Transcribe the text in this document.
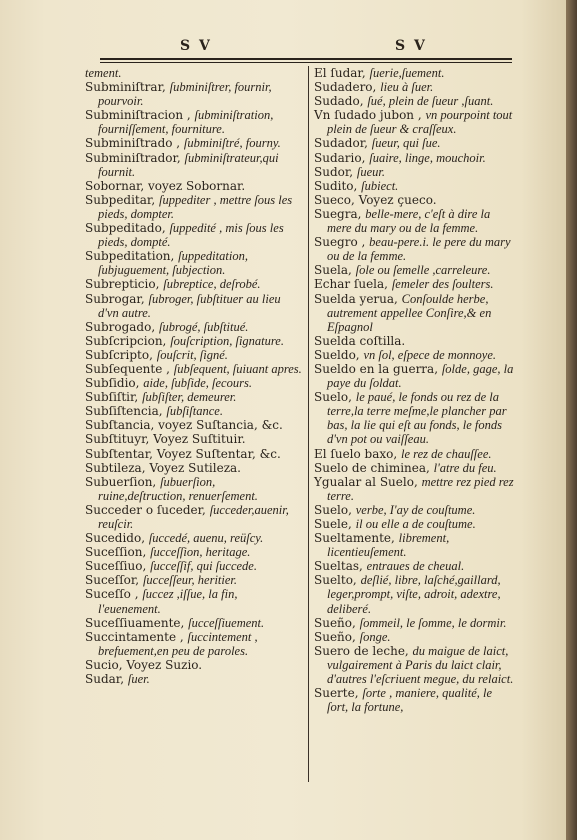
S V	S V
tement.
Subminiſtrar, ſubminiſtrer, fournir, pourvoir.
Subminiſtracion , ſubminiſtration, fourniſſement, fourniture.
Subminiſtrado , ſubminiſtré, fourny.
Subminiſtrador, ſubminiſtrateur,qui fournit.
Sobornar, voyez Sobornar.
Subpeditar, ſuppediter , mettre ſous les pieds, dompter.
Subpeditado, ſuppedité , mis ſous les pieds, dompté.
Subpeditation, ſuppeditation, ſubjuguement, ſubjection.
Subrepticio, ſubreptice, deſrobé.
Subrogar, ſubroger, ſubſtituer au lieu d'vn autre.
Subrogado, ſubrogé, ſubſtitué.
Subſcripcion, ſouſcription, ſignature.
Subſcripto, ſouſcrit, ſigné.
Subſequente , ſubſequent, ſuiuant apres.
Subſidio, aide, ſubſide, ſecours.
Subſiſtir, ſubſiſter, demeurer.
Subſiſtencia, ſubſiſtance.
Subſtancia, voyez Suſtancia, &c.
Subſtituyr, Voyez Suſtituir.
Subſtentar, Voyez Suſtentar, &c.
Subtileza, Voyez Sutileza.
Subuerſion, ſubuerſion, ruine,deſtruction, renuerſement.
Succeder o ſuceder, ſucceder,auenir, reuſcir.
Sucedido, ſuccedé, auenu, reüſcy.
Suceſſion, ſucceſſion, heritage.
Suceſſiuo, ſucceſſif, qui ſuccede.
Suceſſor, ſucceſſeur, heritier.
Suceſſo , ſuccez ,iſſue, la fin, l'euenement.
Suceſſiuamente, ſucceſſiuement.
Succintamente , ſuccintement , brefuement,en peu de paroles.
Sucio, Voyez Suzio.
Sudar, ſuer.
El ſudar, ſuerie,ſuement.
Sudadero, lieu à ſuer.
Sudado, ſué, plein de ſueur ,ſuant.
Vn ſudado jubon , vn pourpoint tout plein de ſueur & craſſeux.
Sudador, ſueur, qui ſue.
Sudario, ſuaire, linge, mouchoir.
Sudor, ſueur.
Sudito, ſubiect.
Sueco, Voyez çueco.
Suegra, belle-mere, c'eſt à dire la mere du mary ou de la femme.
Suegro , beau-pere.i. le pere du mary ou de la femme.
Suela, ſole ou ſemelle ,carreleure.
Echar ſuela, ſemeler des ſoulters.
Suelda yerua, Conſoulde herbe, autrement appellee Conſire,& en Eſpagnol
Suelda coſtilla.
Sueldo, vn ſol, eſpece de monnoye.
Sueldo en la guerra, ſolde, gage, la paye du ſoldat.
Suelo, le paué, le fonds ou rez de la terre,la terre meſme,le plancher par bas, la lie qui eſt au fonds, le fonds d'vn pot ou vaiſſeau.
El ſuelo baxo, le rez de chauſſee.
Suelo de chiminea, l'atre du feu.
Ygualar al Suelo, mettre rez pied rez terre.
Suelo, verbe, I'ay de couſtume.
Suele, il ou elle a de couſtume.
Sueltamente, librement, licentieuſement.
Sueltas, entraues de cheual.
Suelto, deſlié, libre, laſché,gaillard, leger,prompt, viſte, adroit, adextre, deliberé.
Sueño, ſommeil, le ſomme, le dormir.
Sueño, ſonge.
Suero de leche, du maigue de laict, vulgairement à Paris du laict clair, d'autres l'eſcriuent megue, du relaict.
Suerte, ſorte , maniere, qualité, le ſort, la fortune,
